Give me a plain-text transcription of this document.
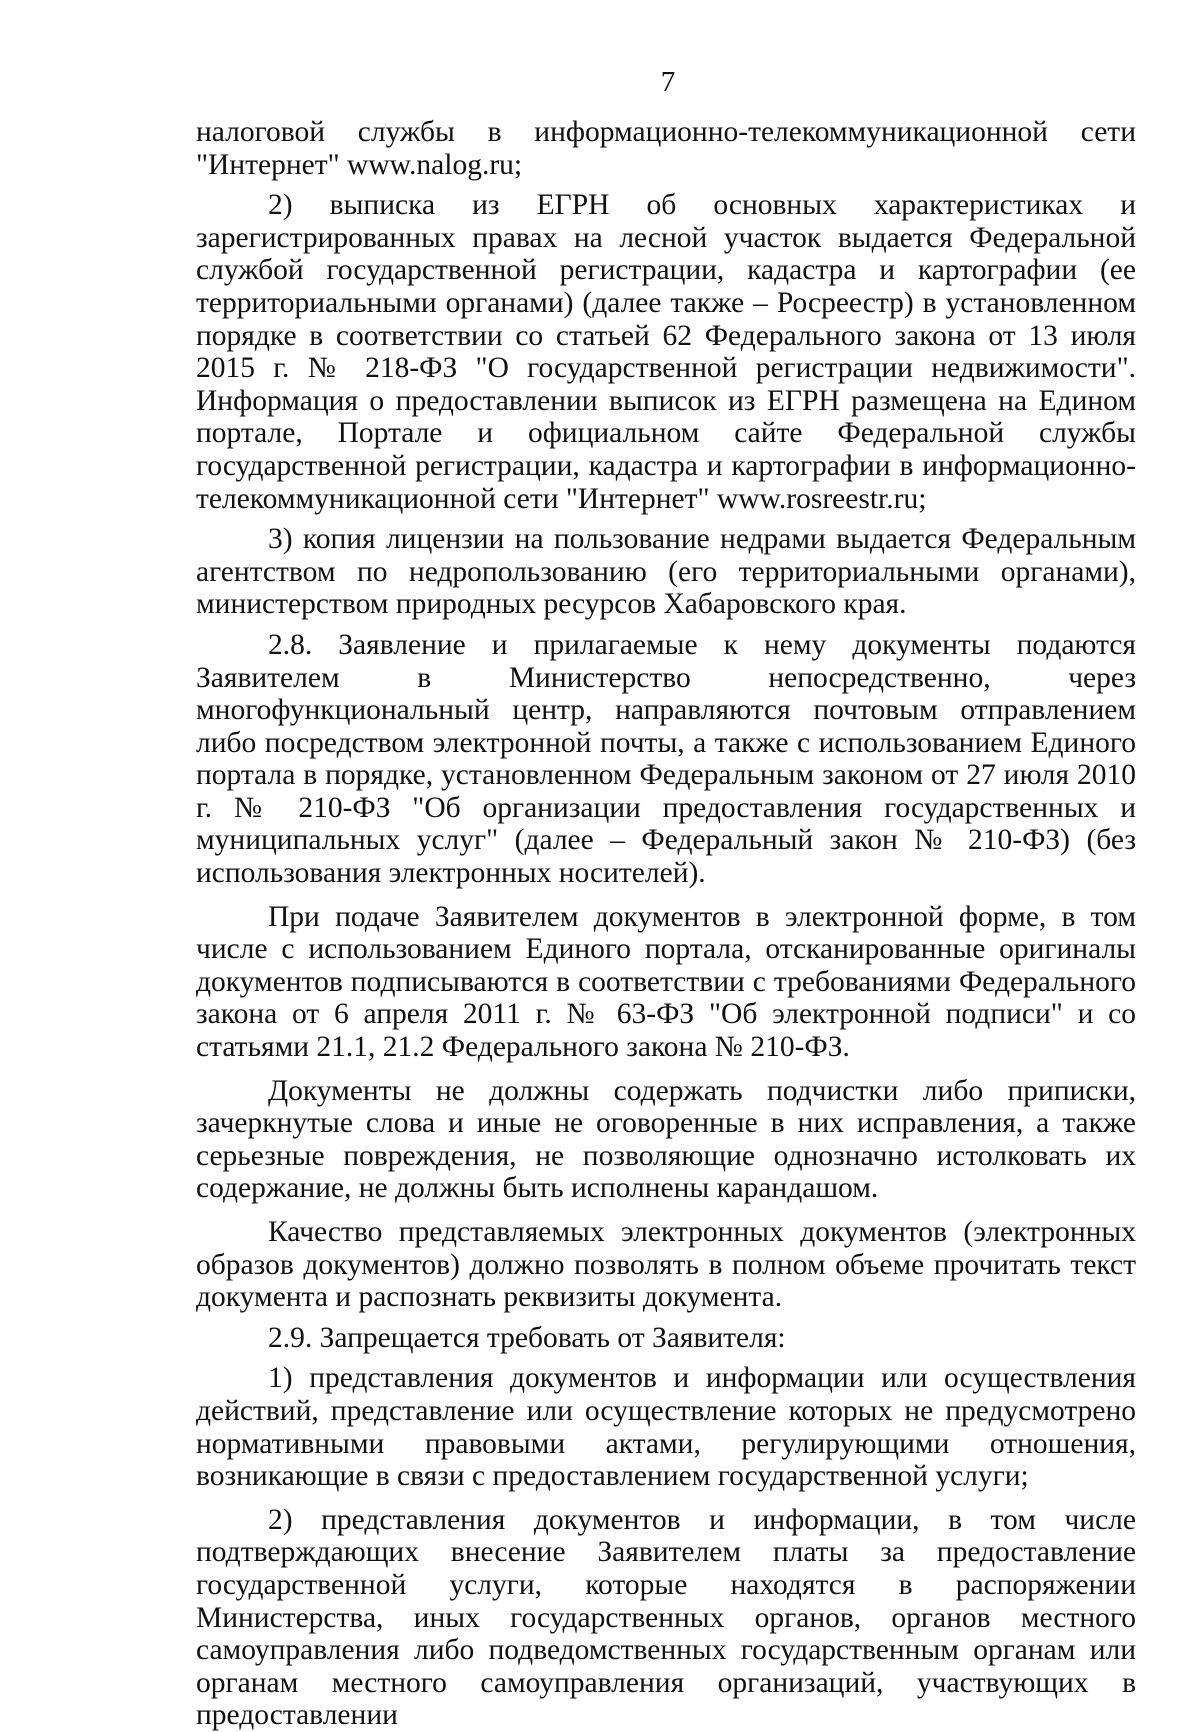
7

налоговой службы в информационно-телекоммуникационной сети "Интернет" www.nalog.ru;

2) выписка из ЕГРН об основных характеристиках и зарегистрированных правах на лесной участок выдается Федеральной службой государственной регистрации, кадастра и картографии (ее территориальными органами) (далее также – Росреестр) в установленном порядке в соответствии со статьей 62 Федерального закона от 13 июля 2015 г. № 218-ФЗ "О государственной регистрации недвижимости". Информация о предоставлении выписок из ЕГРН размещена на Едином портале, Портале и официальном сайте Федеральной службы государственной регистрации, кадастра и картографии в информационно-телекоммуникационной сети "Интернет" www.rosreestr.ru;

3) копия лицензии на пользование недрами выдается Федеральным агентством по недропользованию (его территориальными органами), министерством природных ресурсов Хабаровского края.

2.8. Заявление и прилагаемые к нему документы подаются Заявителем в Министерство непосредственно, через многофункциональный центр, направляются почтовым отправлением либо посредством электронной почты, а также с использованием Единого портала в порядке, установленном Федеральным законом от 27 июля 2010 г. № 210-ФЗ "Об организации предоставления государственных и муниципальных услуг" (далее – Федеральный закон № 210-ФЗ) (без использования электронных носителей).

При подаче Заявителем документов в электронной форме, в том числе с использованием Единого портала, отсканированные оригиналы документов подписываются в соответствии с требованиями Федерального закона от 6 апреля 2011 г. № 63-ФЗ "Об электронной подписи" и со статьями 21.1, 21.2 Федерального закона № 210-ФЗ.

Документы не должны содержать подчистки либо приписки, зачеркнутые слова и иные не оговоренные в них исправления, а также серьезные повреждения, не позволяющие однозначно истолковать их содержание, не должны быть исполнены карандашом.

Качество представляемых электронных документов (электронных образов документов) должно позволять в полном объеме прочитать текст документа и распознать реквизиты документа.

2.9. Запрещается требовать от Заявителя:

1) представления документов и информации или осуществления действий, представление или осуществление которых не предусмотрено нормативными правовыми актами, регулирующими отношения, возникающие в связи с предоставлением государственной услуги;

2) представления документов и информации, в том числе подтверждающих внесение Заявителем платы за предоставление государственной услуги, которые находятся в распоряжении Министерства, иных государственных органов, органов местного самоуправления либо подведомственных государственным органам или органам местного самоуправления организаций, участвующих в предоставлении
